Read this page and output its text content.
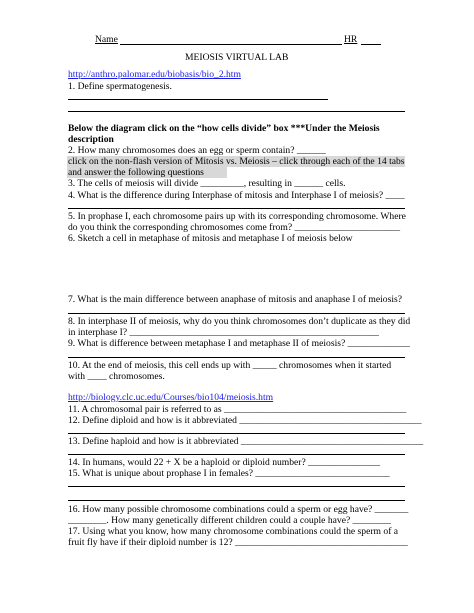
Name	HR
MEIOSIS VIRTUAL LAB
http://anthro.palomar.edu/biobasis/bio_2.htm
1. Define spermatogenesis.
Below the diagram click on the “how cells divide” box ***Under the Meiosis
description
2. How many chromosomes does an egg or sperm contain? ______
click on the non-flash version of Mitosis vs. Meiosis – click through each of the 14 tabs
and answer the following questions
3. The cells of meiosis will divide _________, resulting in ______ cells.
4. What is the difference during Interphase of mitosis and Interphase I of meiosis? ____
5. In prophase I, each chromosome pairs up with its corresponding chromosome. Where
do you think the corresponding chromosomes come from? ______________________
6. Sketch a cell in metaphase of mitosis and metaphase I of meiosis below
7. What is the main difference between anaphase of mitosis and anaphase I of meiosis?
8. In interphase II of meiosis, why do you think chromosomes don’t duplicate as they did
in interphase I? ____________________________________________________
9. What is difference between metaphase I and metaphase II of meiosis? _____________
10. At the end of meiosis, this cell ends up with _____ chromosomes when it started
with ____ chromosomes.
http://biology.clc.uc.edu/Courses/bio104/meiosis.htm
11. A chromosomal pair is referred to as ______________________________________
12. Define diploid and how is it abbreviated ______________________________________
13. Define haploid and how is it abbreviated ______________________________________
14. In humans, would 22 + X be a haploid or diploid number? _______________
15. What is unique about prophase I in females? ____________________________
16. How many possible chromosome combinations could a sperm or egg have? _______
________. How many genetically different children could a couple have? ________
17. Using what you know, how many chromosome combinations could the sperm of a
fruit fly have if their diploid number is 12? ____________________________________
